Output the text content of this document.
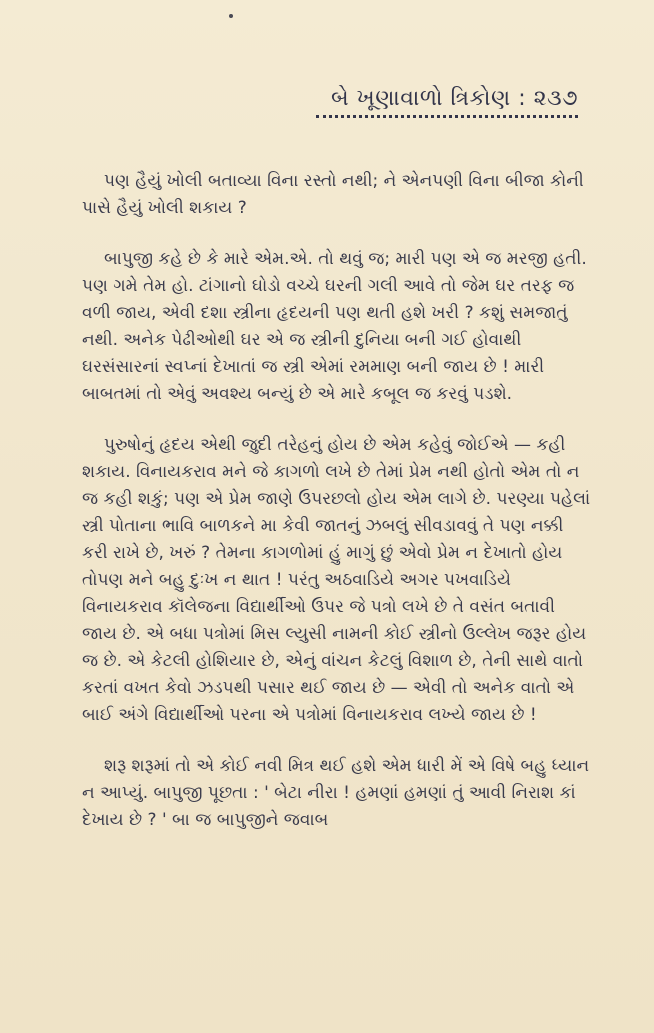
બે ખૂણાવાળો ત્રિકોણ : ૨૩૭

પણ હૈયું ખોલી બતાવ્યા વિના રસ્તો નથી; ને એનપણી વિના બીજા કોની પાસે હૈયું ખોલી શકાય ?

બાપુજી કહે છે કે મારે એમ.એ. તો થવું જ; મારી પણ એ જ મરજી હતી. પણ ગમે તેમ હો. ટાંગાનો ઘોડો વચ્ચે ઘરની ગલી આવે તો જેમ ઘર તરફ જ વળી જાય, એવી દશા સ્ત્રીના હૃદયની પણ થતી હશે ખરી ? કશું સમજાતું નથી. અનેક પેઢીઓથી ઘર એ જ સ્ત્રીની દુનિયા બની ગઈ હોવાથી ઘરસંસારનાં સ્વપ્નાં દેખાતાં જ સ્ત્રી એમાં રમમાણ બની જાય છે ! મારી બાબતમાં તો એવું અવશ્ય બન્યું છે એ મારે કબૂલ જ કરવું પડશે.

પુરુષોનું હૃદય એથી જુદી તરેહનું હોય છે એમ કહેવું જોઈએ — કહી શકાય. વિનાયકરાવ મને જે કાગળો લખે છે તેમાં પ્રેમ નથી હોતો એમ તો ન જ કહી શકું; પણ એ પ્રેમ જાણે ઉપરછલો હોય એમ લાગે છે. પરણ્યા પહેલાં સ્ત્રી પોતાના ભાવિ બાળકને મા કેવી જાતનું ઝબલું સીવડાવવું તે પણ નક્કી કરી રાખે છે, ખરું ? તેમના કાગળોમાં હું માગું છું એવો પ્રેમ ન દેખાતો હોય તોપણ મને બહુ દુઃખ ન થાત ! પરંતુ અઠવાડિયે અગર પખવાડિયે વિનાયકરાવ કૉલેજના વિદ્યાર્થીઓ ઉપર જે પત્રો લખે છે તે વસંત બતાવી જાય છે. એ બધા પત્રોમાં મિસ લ્યુસી નામની કોઈ સ્ત્રીનો ઉલ્લેખ જરૂર હોય જ છે. એ કેટલી હોશિયાર છે, એનું વાંચન કેટલું વિશાળ છે, તેની સાથે વાતો કરતાં વખત કેવો ઝડપથી પસાર થઈ જાય છે — એવી તો અનેક વાતો એ બાઈ અંગે વિદ્યાર્થીઓ પરના એ પત્રોમાં વિનાયકરાવ લખ્યે જાય છે !

શરૂ શરૂમાં તો એ કોઈ નવી મિત્ર થઈ હશે એમ ધારી મેં એ વિષે બહુ ધ્યાન ન આપ્યું. બાપુજી પૂછતા : ' બેટા નીરા ! હમણાં હમણાં તું આવી નિરાશ કાં દેખાય છે ? ' બા જ બાપુજીને જવાબ
